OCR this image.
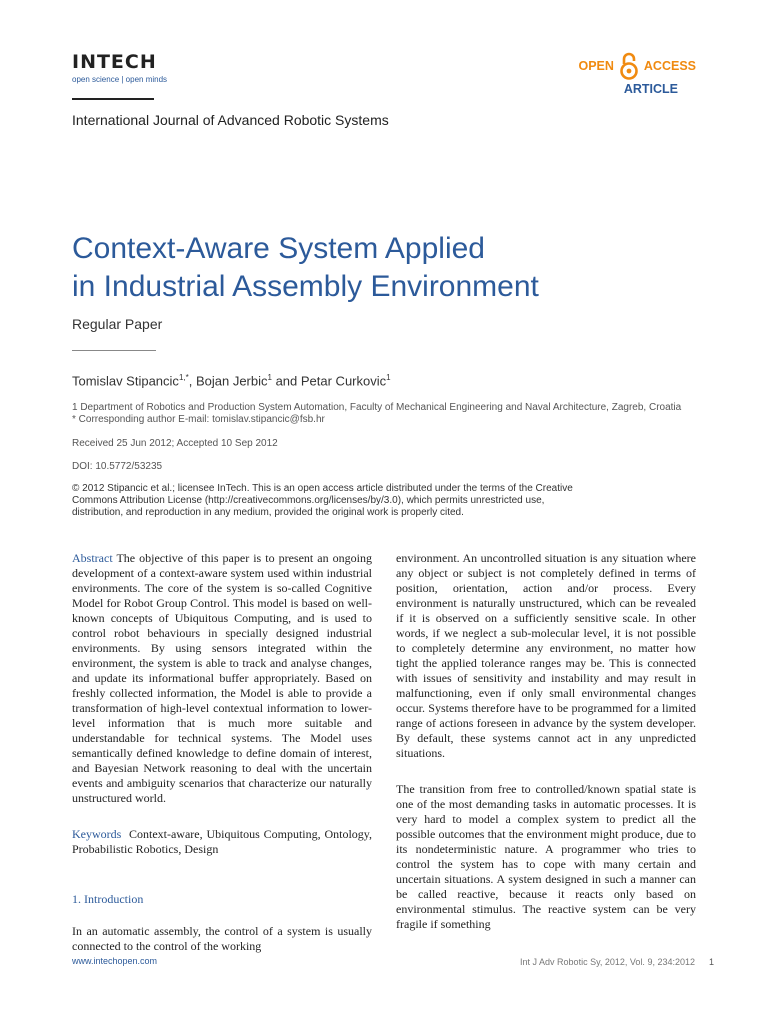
INTECH
open science | open minds
OPEN ACCESS
ARTICLE
International Journal of Advanced Robotic Systems
Context-Aware System Applied
in Industrial Assembly Environment
Regular Paper
Tomislav Stipancic$^{1,*}$, Bojan Jerbic$^1$ and Petar Curkovic$^1$
1 Department of Robotics and Production System Automation, Faculty of Mechanical Engineering and Naval Architecture, Zagreb, Croatia
* Corresponding author E-mail: tomislav.stipancic@fsb.hr
Received 25 Jun 2012; Accepted 10 Sep 2012
DOI: 10.5772/53235
© 2012 Stipancic et al.; licensee InTech. This is an open access article distributed under the terms of the Creative Commons Attribution License (http://creativecommons.org/licenses/by/3.0), which permits unrestricted use, distribution, and reproduction in any medium, provided the original work is properly cited.

Abstract The objective of this paper is to present an ongoing development of a context-aware system used within industrial environments. The core of the system is so-called Cognitive Model for Robot Group Control. This model is based on well-known concepts of Ubiquitous Computing, and is used to control robot behaviours in specially designed industrial environments. By using sensors integrated within the environment, the system is able to track and analyse changes, and update its informational buffer appropriately. Based on freshly collected information, the Model is able to provide a transformation of high-level contextual information to lower-level information that is much more suitable and understandable for technical systems. The Model uses semantically defined knowledge to define domain of interest, and Bayesian Network reasoning to deal with the uncertain events and ambiguity scenarios that characterize our naturally unstructured world.

Keywords Context-aware, Ubiquitous Computing, Ontology, Probabilistic Robotics, Design

1. Introduction

In an automatic assembly, the control of a system is usually connected to the control of the working

environment. An uncontrolled situation is any situation where any object or subject is not completely defined in terms of position, orientation, action and/or process. Every environment is naturally unstructured, which can be revealed if it is observed on a sufficiently sensitive scale. In other words, if we neglect a sub-molecular level, it is not possible to completely determine any environment, no matter how tight the applied tolerance ranges may be. This is connected with issues of sensitivity and instability and may result in malfunctioning, even if only small environmental changes occur. Systems therefore have to be programmed for a limited range of actions foreseen in advance by the system developer. By default, these systems cannot act in any unpredicted situations.

The transition from free to controlled/known spatial state is one of the most demanding tasks in automatic processes. It is very hard to model a complex system to predict all the possible outcomes that the environment might produce, due to its nondeterministic nature. A programmer who tries to control the system has to cope with many certain and uncertain situations. A system designed in such a manner can be called reactive, because it reacts only based on environmental stimulus. The reactive system can be very fragile if something

www.intechopen.com	Int J Adv Robotic Sy, 2012, Vol. 9, 234:2012 1
